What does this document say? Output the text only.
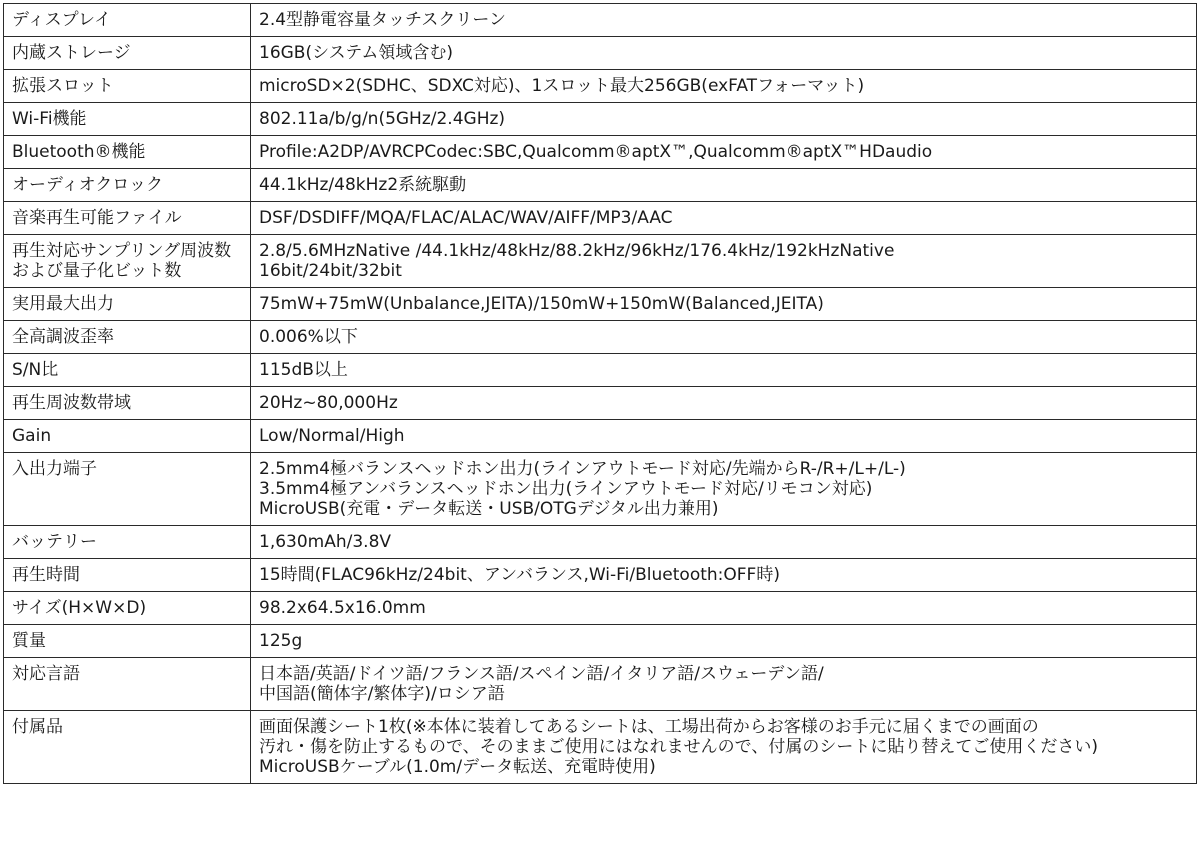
ディスプレイ	2.4型静電容量タッチスクリーン

内蔵ストレージ	16GB(システム領域含む)

拡張スロット	microSD×2(SDHC、SDXC対応)、1スロット最大256GB(exFATフォーマット)

Wi-Fi機能	802.11a/b/g/n(5GHz/2.4GHz)

Bluetooth®機能	Profile:A2DP/AVRCPCodec:SBC,Qualcomm®aptX™,Qualcomm®aptX™HDaudio

オーディオクロック	44.1kHz/48kHz2系統駆動

音楽再生可能ファイル	DSF/DSDIFF/MQA/FLAC/ALAC/WAV/AIFF/MP3/AAC

再生対応サンプリング周波数
および量子化ビット数	2.8/5.6MHzNative /44.1kHz/48kHz/88.2kHz/96kHz/176.4kHz/192kHzNative
16bit/24bit/32bit

実用最大出力	75mW+75mW(Unbalance,JEITA)/150mW+150mW(Balanced,JEITA)

全高調波歪率	0.006%以下

S/N比	115dB以上

再生周波数帯域	20Hz~80,000Hz

Gain	Low/Normal/High

入出力端子	2.5mm4極バランスヘッドホン出力(ラインアウトモード対応/先端からR-/R+/L+/L-)
3.5mm4極アンバランスヘッドホン出力(ラインアウトモード対応/リモコン対応)
MicroUSB(充電・データ転送・USB/OTGデジタル出力兼用)

バッテリー	1,630mAh/3.8V

再生時間	15時間(FLAC96kHz/24bit、アンバランス,Wi-Fi/Bluetooth:OFF時)

サイズ(H×W×D)	98.2x64.5x16.0mm

質量	125g

対応言語	日本語/英語/ドイツ語/フランス語/スペイン語/イタリア語/スウェーデン語/
中国語(簡体字/繁体字)/ロシア語

付属品	画面保護シート1枚(※本体に装着してあるシートは、工場出荷からお客様のお手元に届くまでの画面の
汚れ・傷を防止するもので、そのままご使用にはなれませんので、付属のシートに貼り替えてご使用ください)
MicroUSBケーブル(1.0m/データ転送、充電時使用)
